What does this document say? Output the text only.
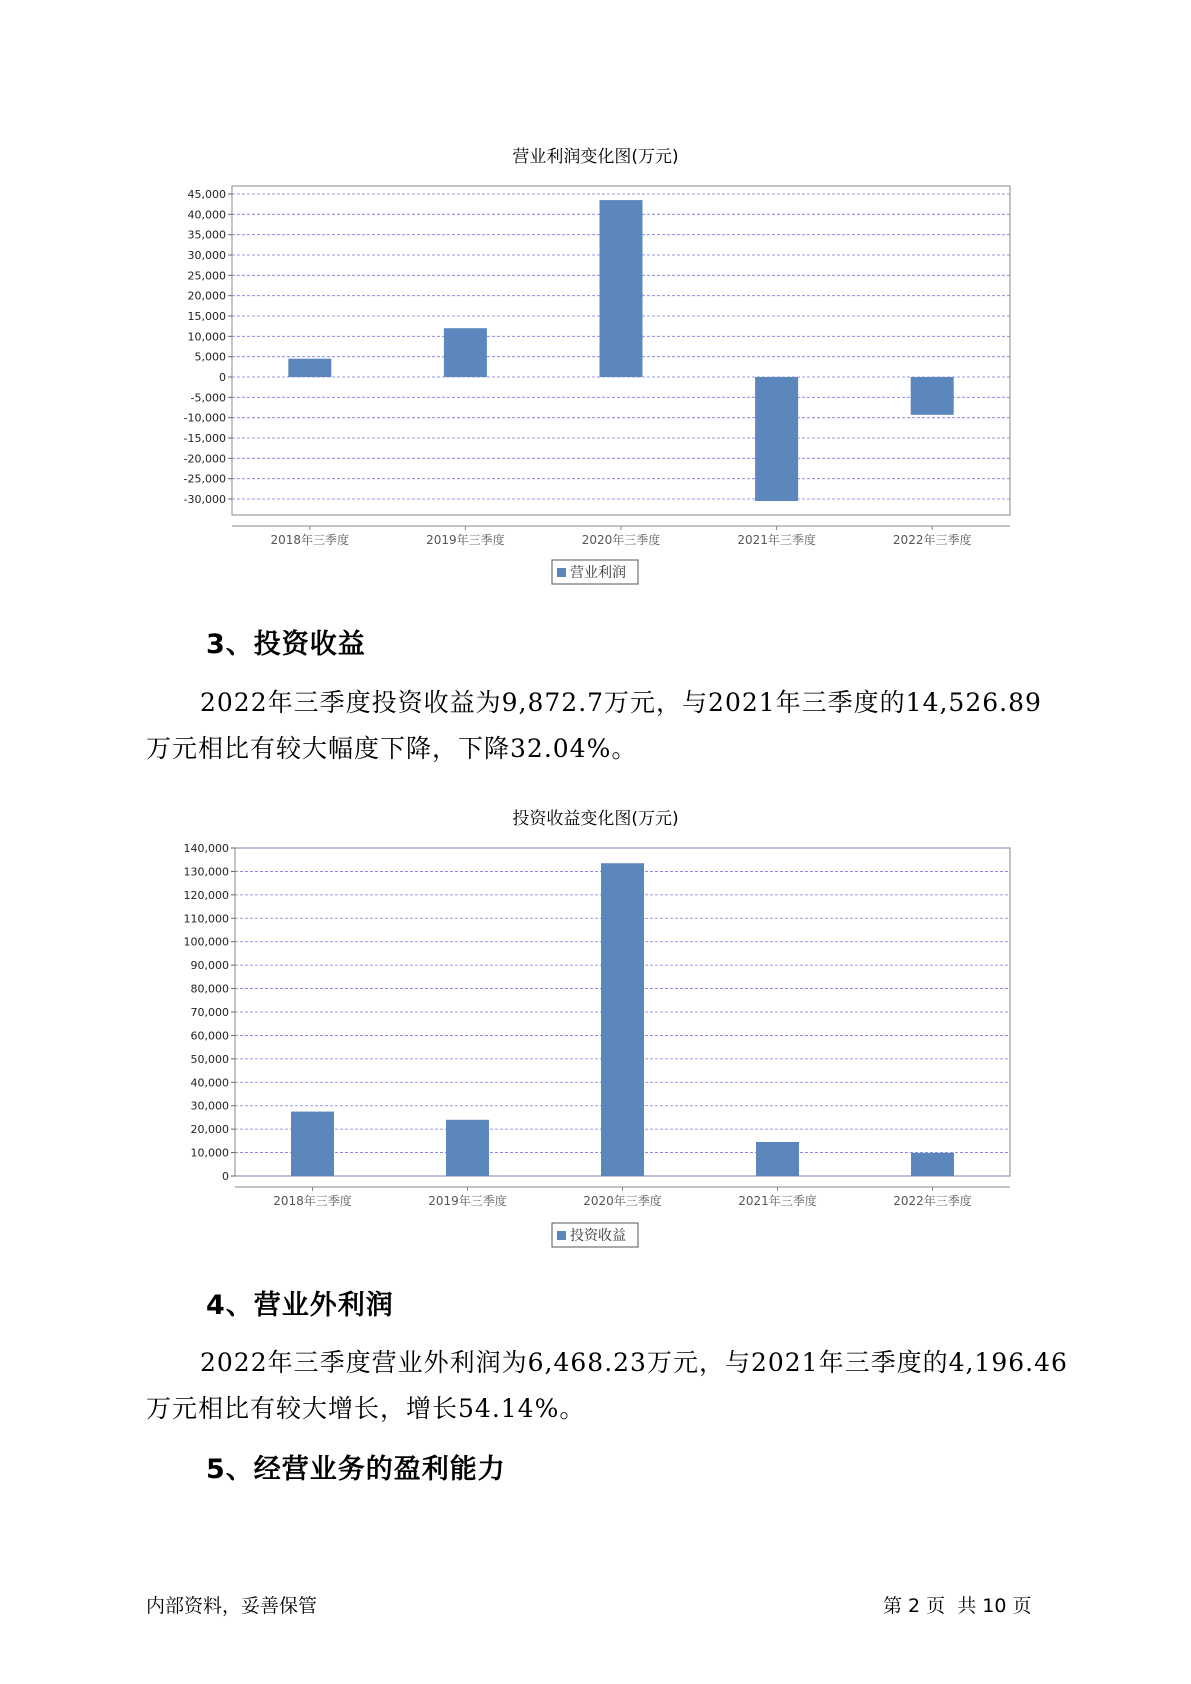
营业利润变化图(万元)
45,000
40,000
35,000
30,000
25,000
20,000
15,000
10,000
5,000
0
-5,000
-10,000
-15,000
-20,000
-25,000
-30,000
2018年三季度	2019年三季度	2020年三季度	2021年三季度	2022年三季度
营业利润
3、投资收益
2022年三季度投资收益为9,872.7万元，与2021年三季度的14,526.89
万元相比有较大幅度下降，下降32.04%。
投资收益变化图(万元)
140,000
130,000
120,000
110,000
100,000
90,000
80,000
70,000
60,000
50,000
40,000
30,000
20,000
10,000
0
2018年三季度	2019年三季度	2020年三季度	2021年三季度	2022年三季度
投资收益
4、营业外利润
2022年三季度营业外利润为6,468.23万元，与2021年三季度的4,196.46
万元相比有较大增长，增长54.14%。
5、经营业务的盈利能力
内部资料，妥善保管	第 2 页  共 10 页
